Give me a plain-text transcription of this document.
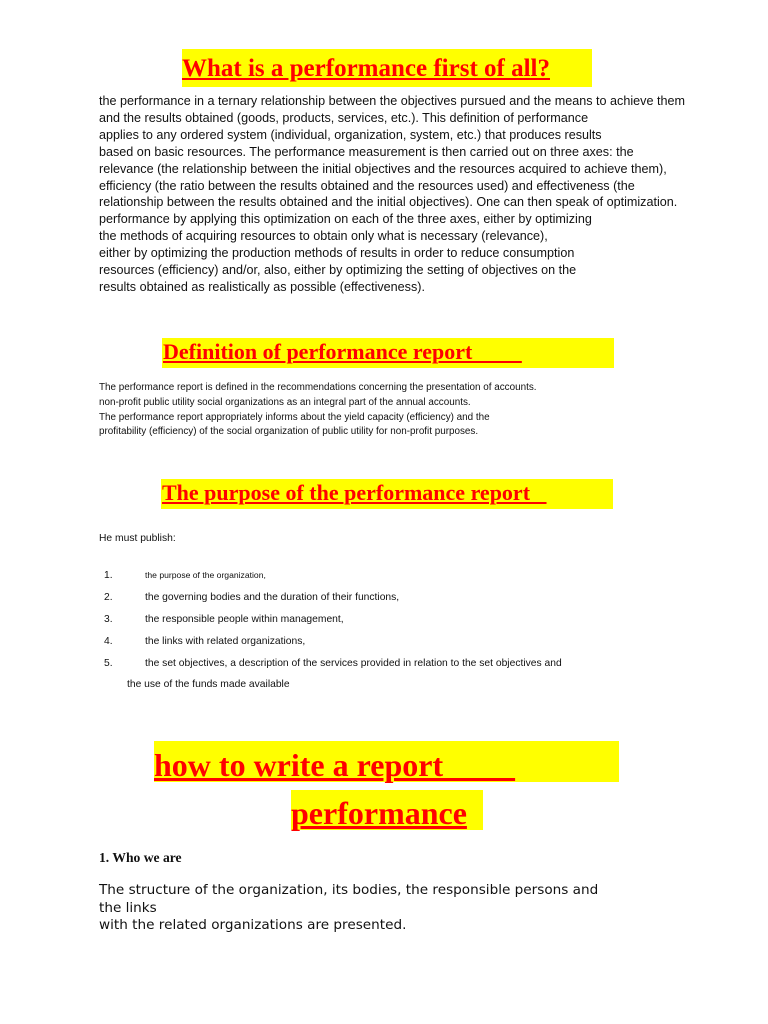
What is a performance first of all?

the performance in a ternary relationship between the objectives pursued and the means to achieve them
and the results obtained (goods, products, services, etc.). This definition of performance
applies to any ordered system (individual, organization, system, etc.) that produces results
based on basic resources. The performance measurement is then carried out on three axes: the
relevance (the relationship between the initial objectives and the resources acquired to achieve them),
efficiency (the ratio between the results obtained and the resources used) and effectiveness (the
relationship between the results obtained and the initial objectives). One can then speak of optimization.
performance by applying this optimization on each of the three axes, either by optimizing
the methods of acquiring resources to obtain only what is necessary (relevance),
either by optimizing the production methods of results in order to reduce consumption
resources (efficiency) and/or, also, either by optimizing the setting of objectives on the
results obtained as realistically as possible (effectiveness).

Definition of performance report

The performance report is defined in the recommendations concerning the presentation of accounts.
non-profit public utility social organizations as an integral part of the annual accounts.
The performance report appropriately informs about the yield capacity (efficiency) and the
profitability (efficiency) of the social organization of public utility for non-profit purposes.

The purpose of the performance report

He must publish:

1.

	the purpose of the organization,

2.

	the governing bodies and the duration of their functions,

3.

	the responsible people within management,

4.

	the links with related organizations,

5.

	the set objectives, a description of the services provided in relation to the set objectives and

the use of the funds made available

how to write a report
performance

1. Who we are

The structure of the organization, its bodies, the responsible persons and
the links
with the related organizations are presented.
